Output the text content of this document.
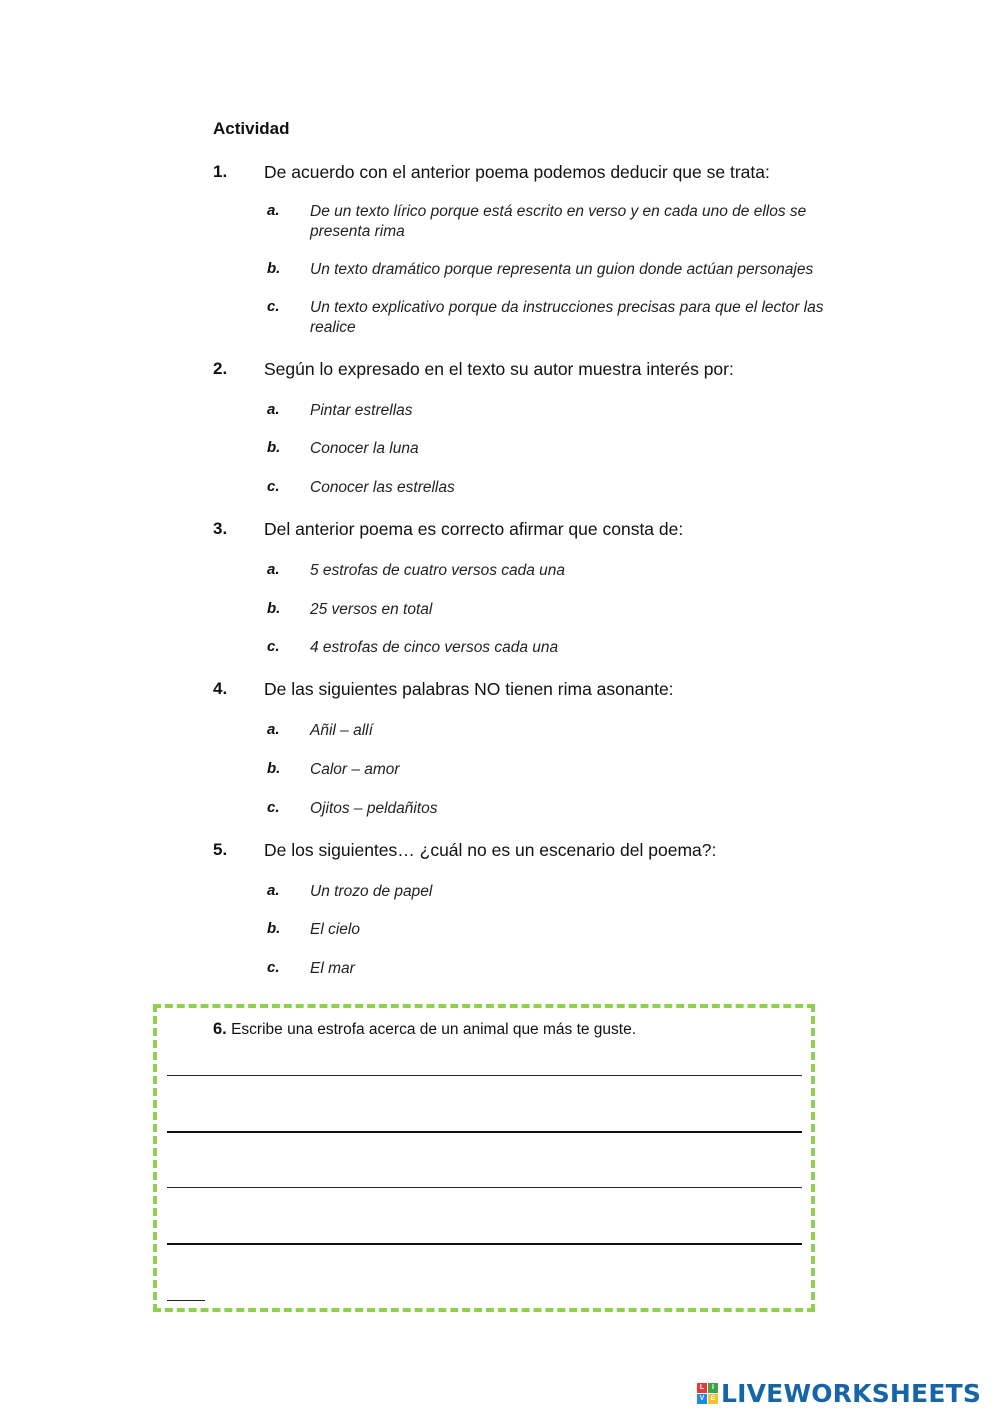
Actividad
1. De acuerdo con el anterior poema podemos deducir que se trata:
a. De un texto lírico porque está escrito en verso y en cada uno de ellos se presenta rima
b. Un texto dramático porque representa un guion donde actúan personajes
c. Un texto explicativo porque da instrucciones precisas para que el lector las realice
2. Según lo expresado en el texto su autor muestra interés por:
a. Pintar estrellas
b. Conocer la luna
c. Conocer las estrellas
3. Del anterior poema es correcto afirmar que consta de:
a. 5 estrofas de cuatro versos cada una
b. 25 versos en total
c. 4 estrofas de cinco versos cada una
4. De las siguientes palabras NO tienen rima asonante:
a. Añil – allí
b. Calor – amor
c. Ojitos – peldañitos
5. De los siguientes… ¿cuál no es un escenario del poema?:
a. Un trozo de papel
b. El cielo
c. El mar
6. Escribe una estrofa acerca de un animal que más te guste.
L	I
V E LIVEWORKSHEETS
